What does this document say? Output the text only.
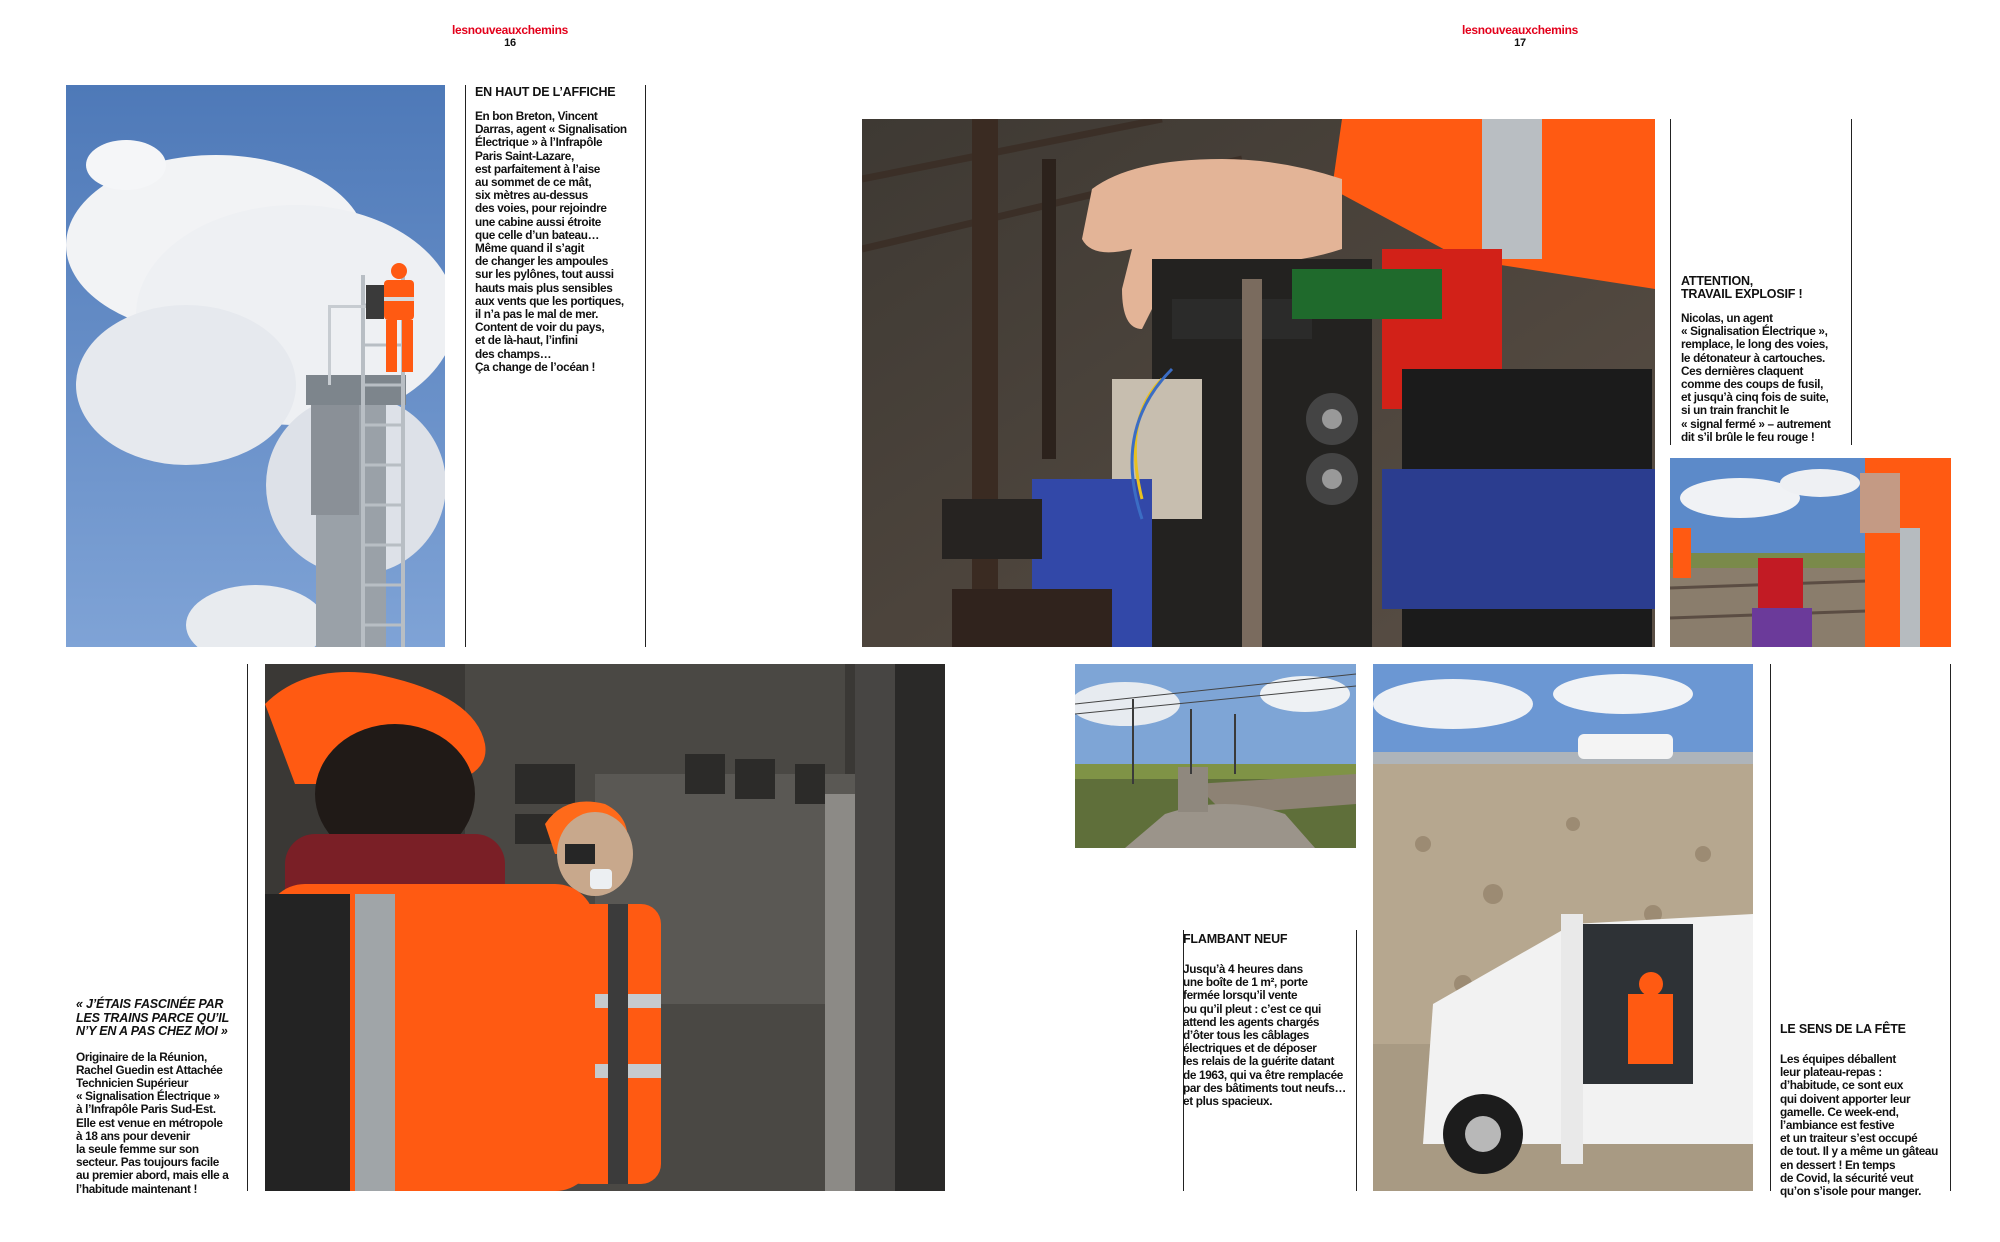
lesnouveauxchemins
16
EN HAUT DE L’AFFICHE
En bon Breton, Vincent
Darras, agent « Signalisation
Électrique » à l’Infrapôle
Paris Saint-Lazare,
est parfaitement à l’aise
au sommet de ce mât,
six mètres au-dessus
des voies, pour rejoindre
une cabine aussi étroite
que celle d’un bateau…
Même quand il s’agit
de changer les ampoules
sur les pylônes, tout aussi
hauts mais plus sensibles
aux vents que les portiques,
il n’a pas le mal de mer.
Content de voir du pays,
et de là-haut, l’infini
des champs…
Ça change de l’océan !
« J’ÉTAIS FASCINÉE PAR
LES TRAINS PARCE QU’IL
N’Y EN A PAS CHEZ MOI »
Originaire de la Réunion,
Rachel Guedin est Attachée
Technicien Supérieur
« Signalisation Électrique »
à l’Infrapôle Paris Sud-Est.
Elle est venue en métropole
à 18 ans pour devenir
la seule femme sur son
secteur. Pas toujours facile
au premier abord, mais elle a
l’habitude maintenant !
lesnouveauxchemins
17
ATTENTION,
TRAVAIL EXPLOSIF !
Nicolas, un agent
« Signalisation Électrique »,
remplace, le long des voies,
le détonateur à cartouches.
Ces dernières claquent
comme des coups de fusil,
et jusqu’à cinq fois de suite,
si un train franchit le
« signal fermé » – autrement
dit s’il brûle le feu rouge !
FLAMBANT NEUF
Jusqu’à 4 heures dans
une boîte de 1 m², porte
fermée lorsqu’il vente
ou qu’il pleut : c’est ce qui
attend les agents chargés
d’ôter tous les câblages
électriques et de déposer
les relais de la guérite datant
de 1963, qui va être remplacée
par des bâtiments tout neufs…
et plus spacieux.
LE SENS DE LA FÊTE
Les équipes déballent
leur plateau-repas :
d’habitude, ce sont eux
qui doivent apporter leur
gamelle. Ce week-end,
l’ambiance est festive
et un traiteur s’est occupé
de tout. Il y a même un gâteau
en dessert ! En temps
de Covid, la sécurité veut
qu’on s’isole pour manger.
